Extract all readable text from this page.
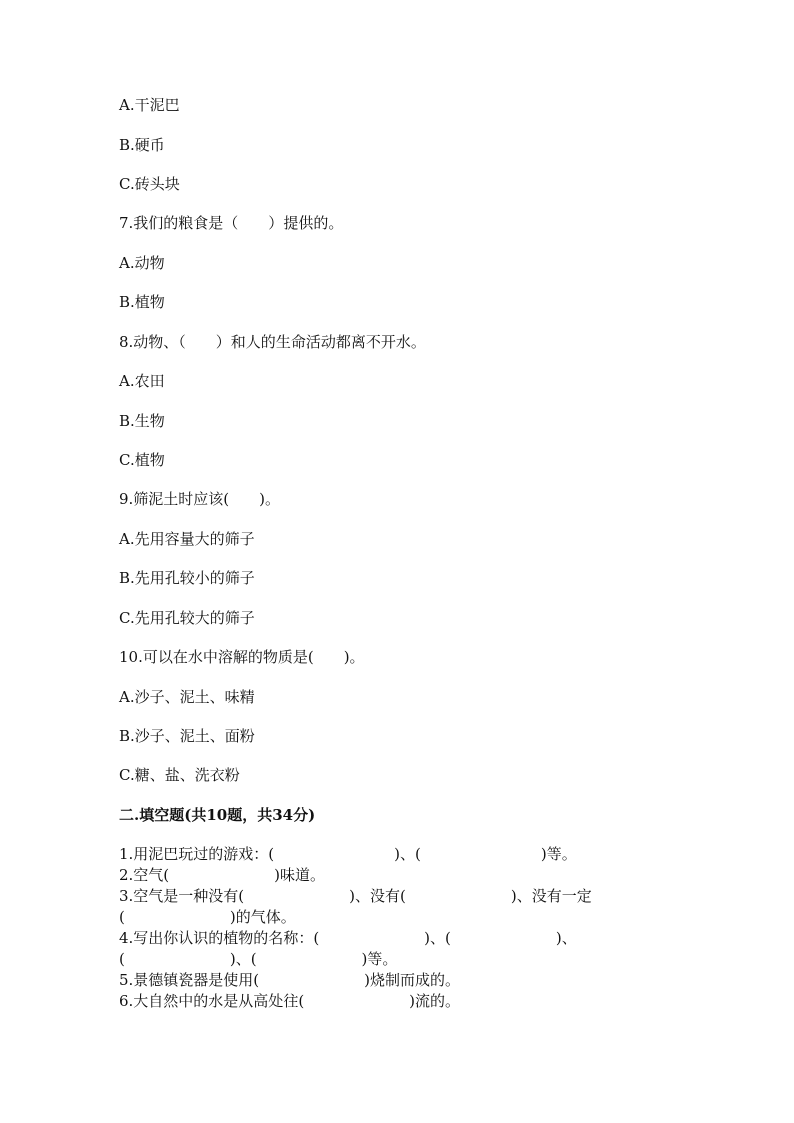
A.干泥巴
B.硬币
C.砖头块
7.我们的粮食是（　　）提供的。
A.动物
B.植物
8.动物、（　　）和人的生命活动都离不开水。
A.农田
B.生物
C.植物
9.筛泥土时应该(　　)。
A.先用容量大的筛子
B.先用孔较小的筛子
C.先用孔较大的筛子
10.可以在水中溶解的物质是(　　)。
A.沙子、泥土、味精
B.沙子、泥土、面粉
C.糖、盐、洗衣粉
二.填空题(共10题，共34分)
1.用泥巴玩过的游戏：(　　　　　　　　)、(　　　　　　　　)等。
2.空气(　　　　　　　)味道。
3.空气是一种没有(　　　　　　　)、没有(　　　　　　　)、没有一定
(　　　　　　　)的气体。
4.写出你认识的植物的名称：(　　　　　　　)、(　　　　　　　)、
(　　　　　　　)、(　　　　　　　)等。
5.景德镇瓷器是使用(　　　　　　　)烧制而成的。
6.大自然中的水是从高处往(　　　　　　　)流的。
